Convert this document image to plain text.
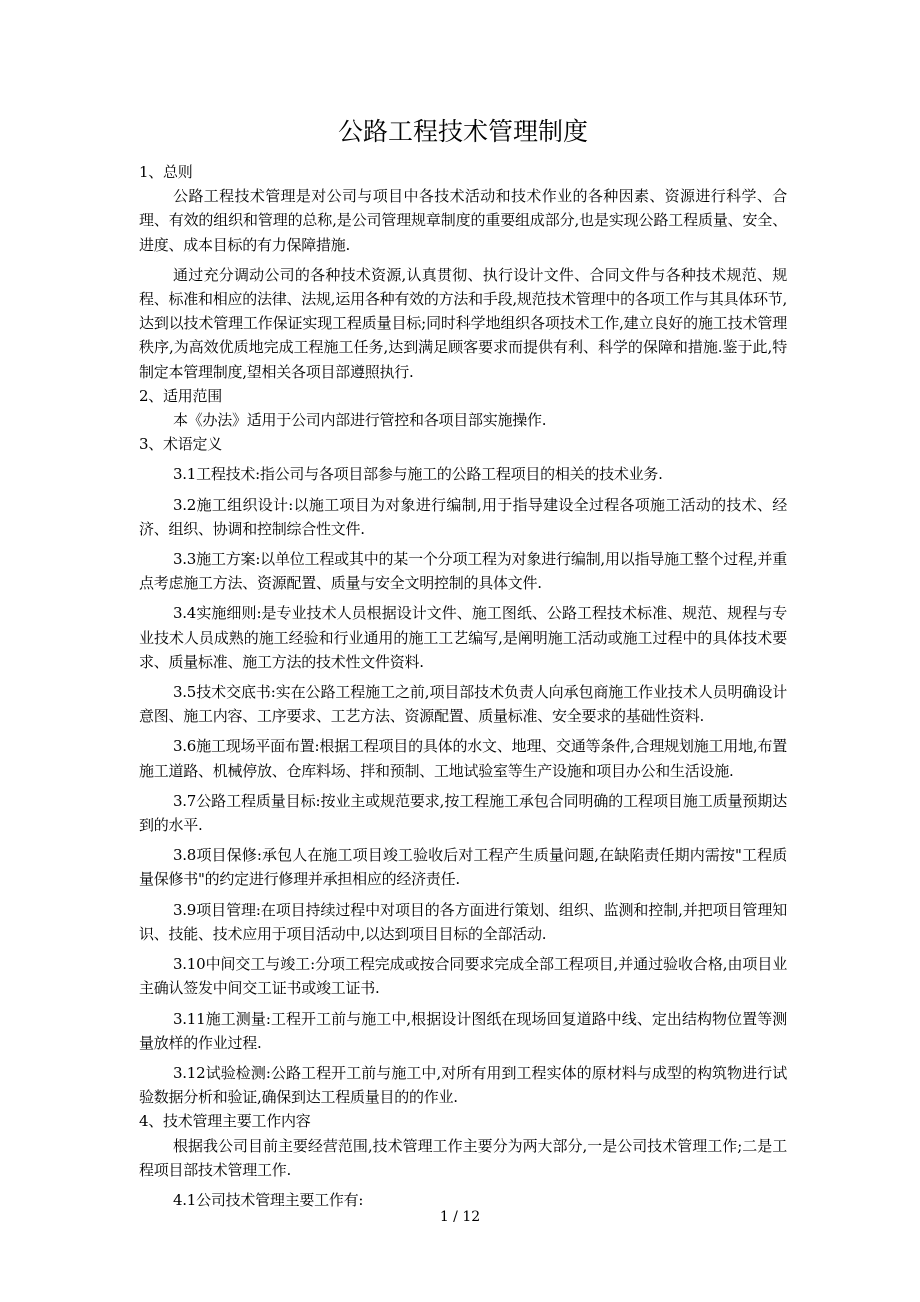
公路工程技术管理制度

1、总则

公路工程技术管理是对公司与项目中各技术活动和技术作业的各种因素、资源进行科学、合理、有效的组织和管理的总称,是公司管理规章制度的重要组成部分,也是实现公路工程质量、安全、进度、成本目标的有力保障措施.

通过充分调动公司的各种技术资源,认真贯彻、执行设计文件、合同文件与各种技术规范、规程、标准和相应的法律、法规,运用各种有效的方法和手段,规范技术管理中的各项工作与其具体环节,达到以技术管理工作保证实现工程质量目标;同时科学地组织各项技术工作,建立良好的施工技术管理秩序,为高效优质地完成工程施工任务,达到满足顾客要求而提供有利、科学的保障和措施.鉴于此,特制定本管理制度,望相关各项目部遵照执行.

2、适用范围

本《办法》适用于公司内部进行管控和各项目部实施操作.

3、术语定义

3.1工程技术:指公司与各项目部参与施工的公路工程项目的相关的技术业务.

3.2施工组织设计:以施工项目为对象进行编制,用于指导建设全过程各项施工活动的技术、经济、组织、协调和控制综合性文件.

3.3施工方案:以单位工程或其中的某一个分项工程为对象进行编制,用以指导施工整个过程,并重点考虑施工方法、资源配置、质量与安全文明控制的具体文件.

3.4实施细则:是专业技术人员根据设计文件、施工图纸、公路工程技术标准、规范、规程与专业技术人员成熟的施工经验和行业通用的施工工艺编写,是阐明施工活动或施工过程中的具体技术要求、质量标准、施工方法的技术性文件资料.

3.5技术交底书:实在公路工程施工之前,项目部技术负责人向承包商施工作业技术人员明确设计意图、施工内容、工序要求、工艺方法、资源配置、质量标准、安全要求的基础性资料.

3.6施工现场平面布置:根据工程项目的具体的水文、地理、交通等条件,合理规划施工用地,布置施工道路、机械停放、仓库料场、拌和预制、工地试验室等生产设施和项目办公和生活设施.

3.7公路工程质量目标:按业主或规范要求,按工程施工承包合同明确的工程项目施工质量预期达到的水平.

3.8项目保修:承包人在施工项目竣工验收后对工程产生质量问题,在缺陷责任期内需按"工程质量保修书"的约定进行修理并承担相应的经济责任.

3.9项目管理:在项目持续过程中对项目的各方面进行策划、组织、监测和控制,并把项目管理知识、技能、技术应用于项目活动中,以达到项目目标的全部活动.

3.10中间交工与竣工:分项工程完成或按合同要求完成全部工程项目,并通过验收合格,由项目业主确认签发中间交工证书或竣工证书.

3.11施工测量:工程开工前与施工中,根据设计图纸在现场回复道路中线、定出结构物位置等测量放样的作业过程.

3.12试验检测:公路工程开工前与施工中,对所有用到工程实体的原材料与成型的构筑物进行试验数据分析和验证,确保到达工程质量目的的作业.

4、技术管理主要工作内容

根据我公司目前主要经营范围,技术管理工作主要分为两大部分,一是公司技术管理工作;二是工程项目部技术管理工作.

4.1公司技术管理主要工作有:

1 / 12
